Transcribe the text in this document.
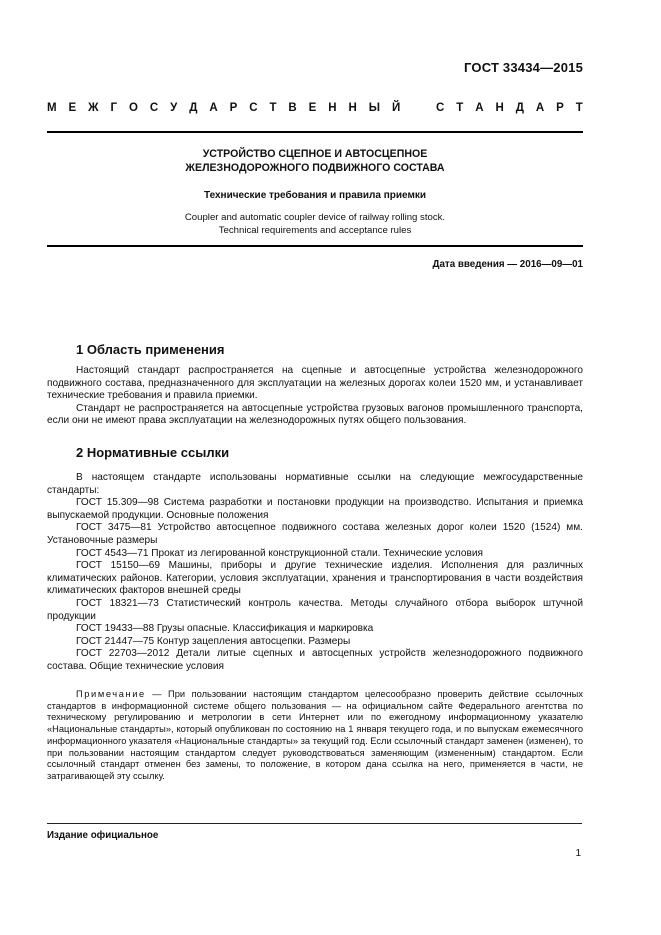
ГОСТ 33434—2015
М Е Ж Г О С У Д А Р С Т В Е Н Н Ы Й	С Т А Н Д А Р Т
УСТРОЙСТВО СЦЕПНОЕ И АВТОСЦЕПНОЕ
ЖЕЛЕЗНОДОРОЖНОГО ПОДВИЖНОГО СОСТАВА
Технические требования и правила приемки
Coupler and automatic coupler device of railway rolling stock.
Technical requirements and acceptance rules
Дата введения — 2016—09—01
1 Область применения

Настоящий стандарт распространяется на сцепные и автосцепные устройства железнодорожного подвижного состава, предназначенного для эксплуатации на железных дорогах колеи 1520 мм, и устанавливает технические требования и правила приемки.

Стандарт не распространяется на автосцепные устройства грузовых вагонов промышленного транспорта, если они не имеют права эксплуатации на железнодорожных путях общего пользования.

2 Нормативные ссылки

В настоящем стандарте использованы нормативные ссылки на следующие межгосударственные стандарты:

ГОСТ 15.309—98 Система разработки и постановки продукции на производство. Испытания и приемка выпускаемой продукции. Основные положения

ГОСТ 3475—81 Устройство автосцепное подвижного состава железных дорог колеи 1520 (1524) мм. Установочные размеры

ГОСТ 4543—71 Прокат из легированной конструкционной стали. Технические условия

ГОСТ 15150—69 Машины, приборы и другие технические изделия. Исполнения для различных климатических районов. Категории, условия эксплуатации, хранения и транспортирования в части воздействия климатических факторов внешней среды

ГОСТ 18321—73 Статистический контроль качества. Методы случайного отбора выборок штучной продукции

ГОСТ 19433—88 Грузы опасные. Классификация и маркировка

ГОСТ 21447—75 Контур зацепления автосцепки. Размеры

ГОСТ 22703—2012 Детали литые сцепных и автосцепных устройств железнодорожного подвижного состава. Общие технические условия

Примечание — При пользовании настоящим стандартом целесообразно проверить действие ссылочных стандартов в информационной системе общего пользования — на официальном сайте Федерального агентства по техническому регулированию и метрологии в сети Интернет или по ежегодному информационному указателю «Национальные стандарты», который опубликован по состоянию на 1 января текущего года, и по выпускам ежемесячного информационного указателя «Национальные стандарты» за текущий год. Если ссылочный стандарт заменен (изменен), то при пользовании настоящим стандартом следует руководствоваться заменяющим (измененным) стандартом. Если ссылочный стандарт отменен без замены, то положение, в котором дана ссылка на него, применяется в части, не затрагивающей эту ссылку.

Издание официальное
1
